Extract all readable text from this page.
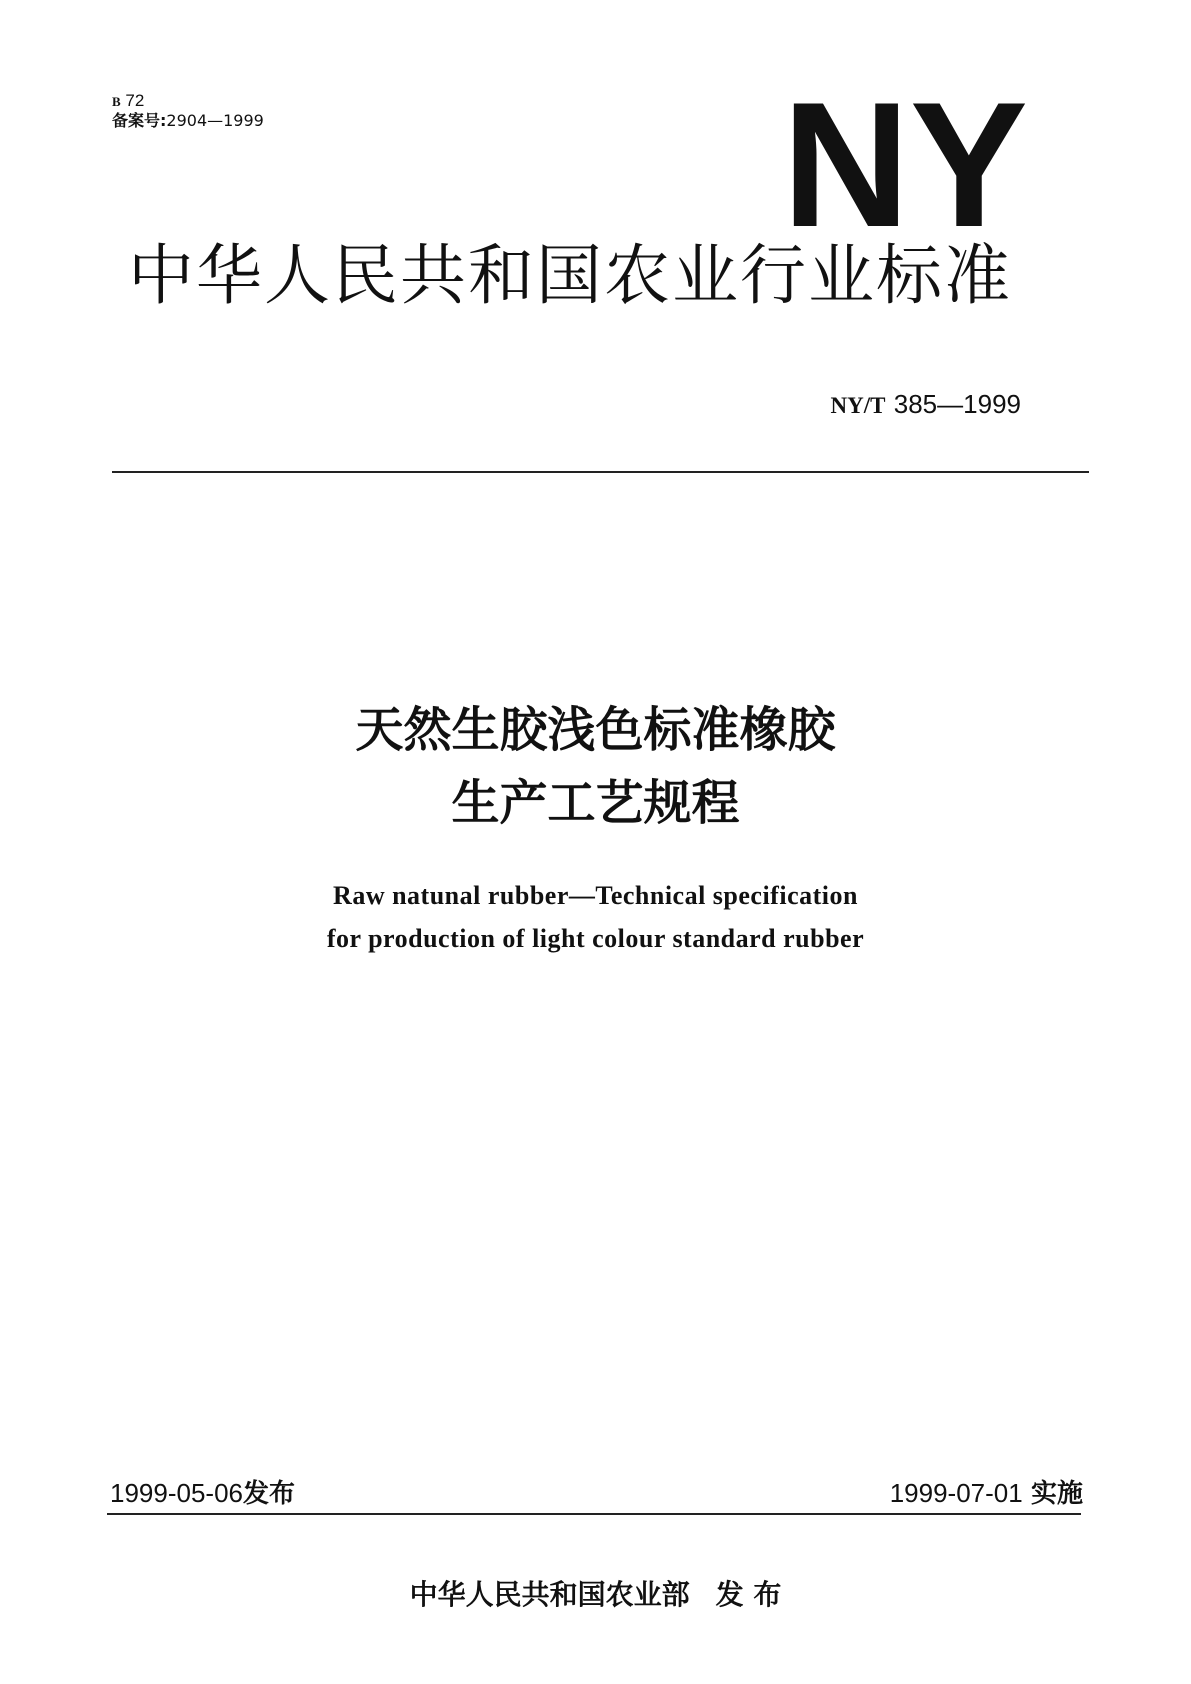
B 72
备案号:2904—1999	NY
中华人民共和国农业行业标准
NY/T 385—1999
天然生胶浅色标准橡胶
生产工艺规程
Raw natunal rubber—Technical specification
for production of light colour standard rubber
1999-05-06发布	1999-07-01 实施
中华人民共和国农业部 发 布
